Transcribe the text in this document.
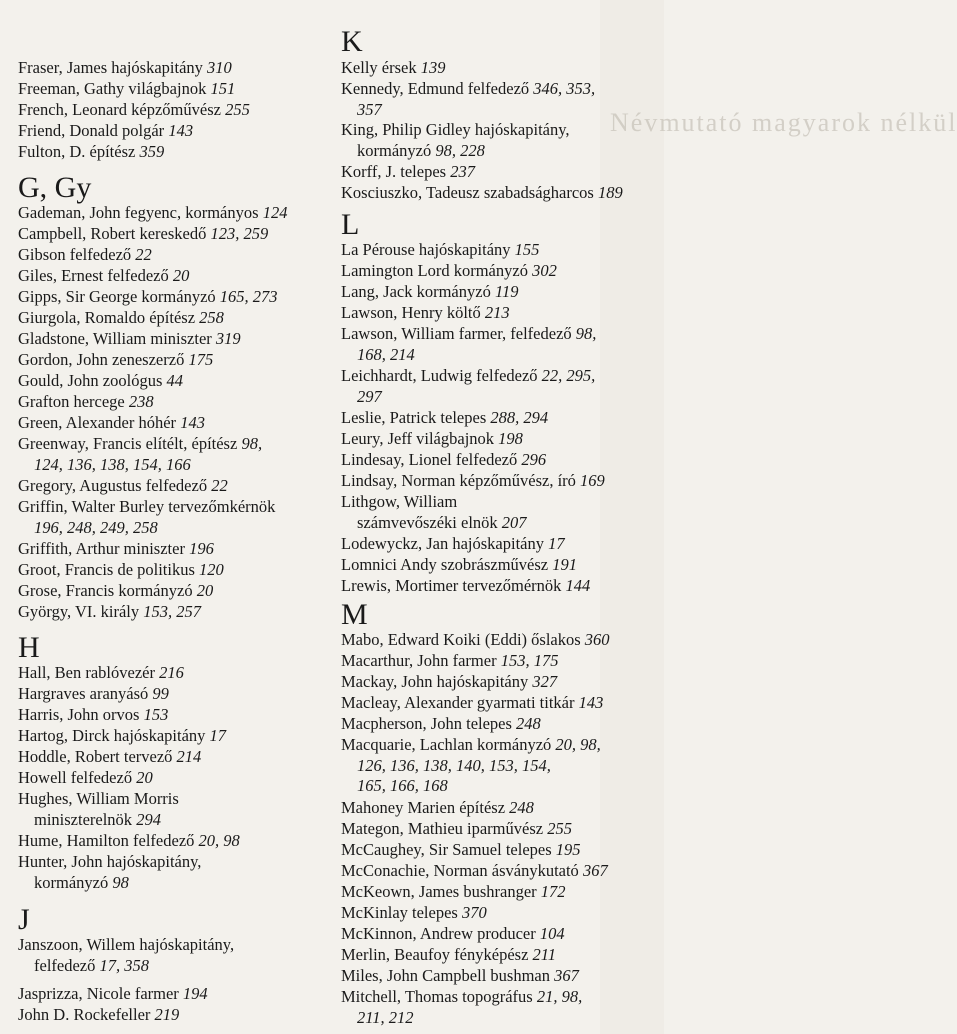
Névmutató magyarok nélkül
Fraser, James hajóskapitány 310
Freeman, Gathy világbajnok 151
French, Leonard képzőművész 255
Friend, Donald polgár 143
Fulton, D. építész 359
G, Gy
Gademan, John fegyenc, kormányos 124
Campbell, Robert kereskedő 123, 259
Gibson felfedező 22
Giles, Ernest felfedező 20
Gipps, Sir George kormányzó 165, 273
Giurgola, Romaldo építész 258
Gladstone, William miniszter 319
Gordon, John zeneszerző 175
Gould, John zoológus 44
Grafton hercege 238
Green, Alexander hóhér 143
Greenway, Francis elítélt, építész 98,
124, 136, 138, 154, 166
Gregory, Augustus felfedező 22
Griffin, Walter Burley tervezőmkérnök
196, 248, 249, 258
Griffith, Arthur miniszter 196
Groot, Francis de politikus 120
Grose, Francis kormányzó 20
György, VI. király 153, 257
H
Hall, Ben rablóvezér 216
Hargraves aranyásó 99
Harris, John orvos 153
Hartog, Dirck hajóskapitány 17
Hoddle, Robert tervező 214
Howell felfedező 20
Hughes, William Morris
miniszterelnök 294
Hume, Hamilton felfedező 20, 98
Hunter, John hajóskapitány,
kormányzó 98
J
Janszoon, Willem hajóskapitány,
felfedező 17, 358
Jasprizza, Nicole farmer 194
John D. Rockefeller 219
K
Kelly érsek 139
Kennedy, Edmund felfedező 346, 353,
357
King, Philip Gidley hajóskapitány,
kormányzó 98, 228
Korff, J. telepes 237
Kosciuszko, Tadeusz szabadságharcos 189
L
La Pérouse hajóskapitány 155
Lamington Lord kormányzó 302
Lang, Jack kormányzó 119
Lawson, Henry költő 213
Lawson, William farmer, felfedező 98,
168, 214
Leichhardt, Ludwig felfedező 22, 295,
297
Leslie, Patrick telepes 288, 294
Leury, Jeff világbajnok 198
Lindesay, Lionel felfedező 296
Lindsay, Norman képzőművész, író 169
Lithgow, William
számvevőszéki elnök 207
Lodewyckz, Jan hajóskapitány 17
Lomnici Andy szobrászművész 191
Lrewis, Mortimer tervezőmérnök 144
M
Mabo, Edward Koiki (Eddi) őslakos 360
Macarthur, John farmer 153, 175
Mackay, John hajóskapitány 327
Macleay, Alexander gyarmati titkár 143
Macpherson, John telepes 248
Macquarie, Lachlan kormányzó 20, 98,
126, 136, 138, 140, 153, 154,
165, 166, 168
Mahoney Marien építész 248
Mategon, Mathieu iparművész 255
McCaughey, Sir Samuel telepes 195
McConachie, Norman ásványkutató 367
McKeown, James bushranger 172
McKinlay telepes 370
McKinnon, Andrew producer 104
Merlin, Beaufoy fényképész 211
Miles, John Campbell bushman 367
Mitchell, Thomas topográfus 21, 98,
211, 212
